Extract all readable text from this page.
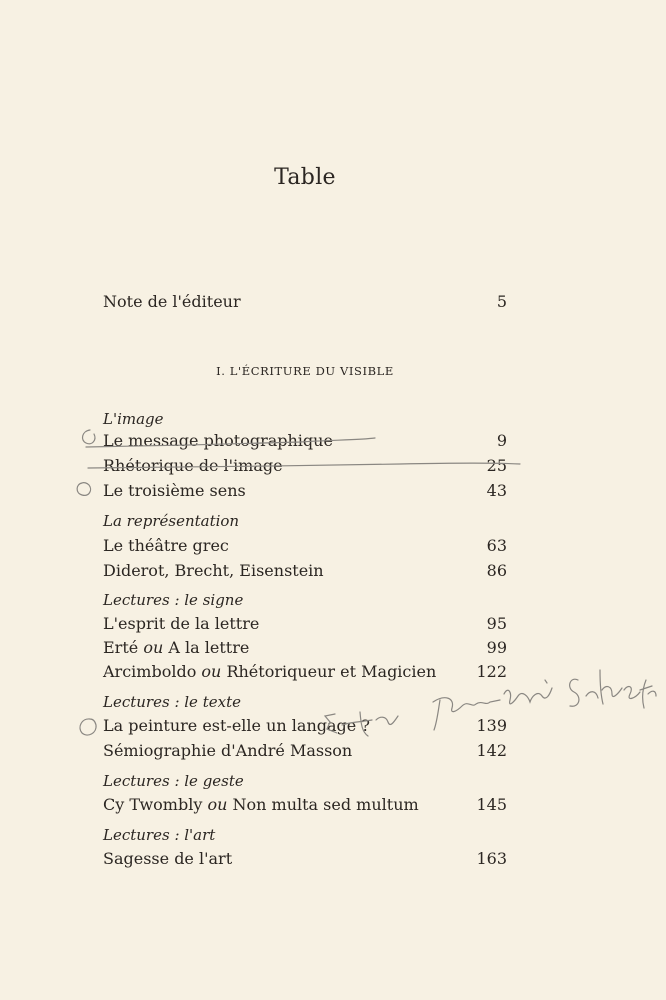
Table
Note de l'éditeur	5
I. L'ÉCRITURE DU VISIBLE
L'image
Le message photographique	9
Rhétorique de l'image	25
Le troisième sens	43
La représentation
Le théâtre grec	63
Diderot, Brecht, Eisenstein	86
Lectures : le signe
L'esprit de la lettre	95
Erté ou A la lettre	99
Arcimboldo ou Rhétoriqueur et Magicien	122
Lectures : le texte
La peinture est-elle un langage ?	139
Sémiographie d'André Masson	142
Lectures : le geste
Cy Twombly ou Non multa sed multum	145
Lectures : l'art
Sagesse de l'art	163
